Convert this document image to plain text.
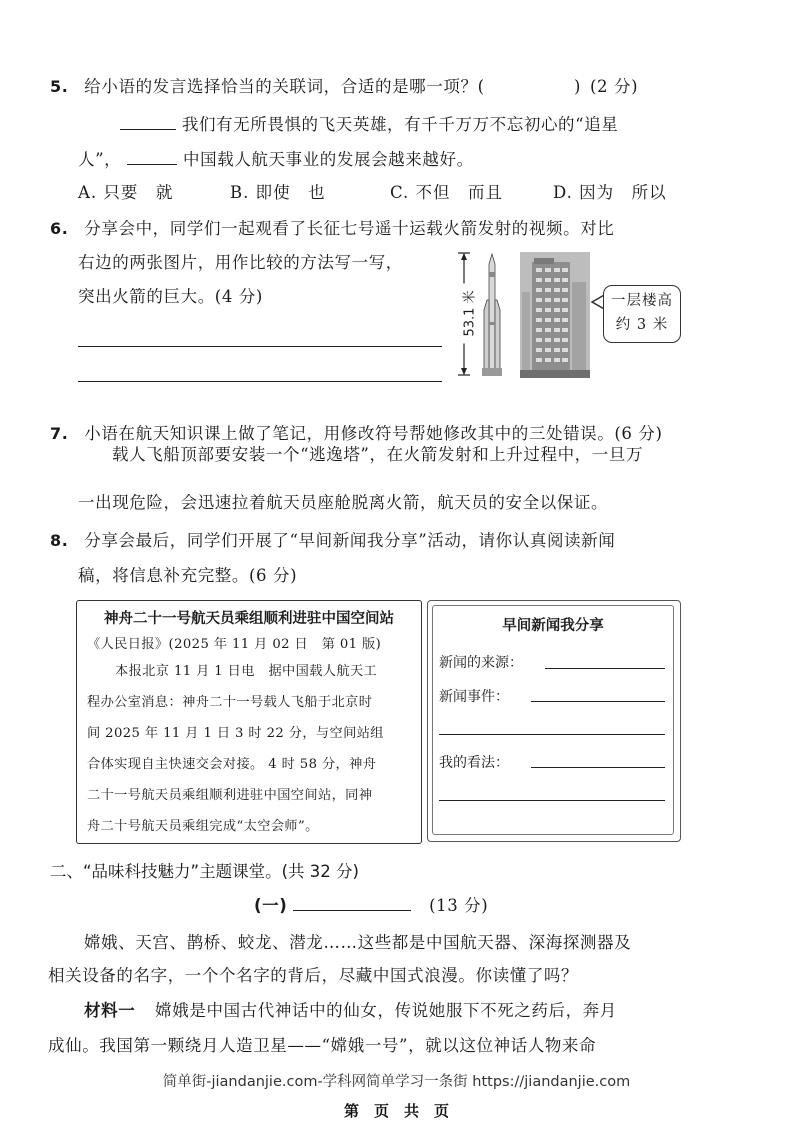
5. 给小语的发言选择恰当的关联词，合适的是哪一项？(	) (2 分)
我们有无所畏惧的飞天英雄，有千千万万不忘初心的“追星
人”，	中国载人航天事业的发展会越来越好。
A. 只要　就	B. 即使　也	C. 不但　而且	D. 因为　所以
6. 分享会中，同学们一起观看了长征七号遥十运载火箭发射的视频。对比
右边的两张图片，用作比较的方法写一写，
突出火箭的巨大。(4 分)	53.1 米	一层楼高
约 3 米
7. 小语在航天知识课上做了笔记，用修改符号帮她修改其中的三处错误。(6 分)
载人飞船顶部要安装一个“逃逸塔”，在火箭发射和上升过程中，一旦万
一出现危险，会迅速拉着航天员座舱脱离火箭，航天员的安全以保证。
8. 分享会最后，同学们开展了“早间新闻我分享”活动，请你认真阅读新闻
稿，将信息补充完整。(6 分)
神舟二十一号航天员乘组顺利进驻中国空间站
《人民日报》(2025 年 11 月 02 日　第 01 版)
本报北京 11 月 1 日电　据中国载人航天工
程办公室消息：神舟二十一号载人飞船于北京时
间 2025 年 11 月 1 日 3 时 22 分，与空间站组
合体实现自主快速交会对接。 4 时 58 分，神舟
二十一号航天员乘组顺利进驻中国空间站，同神
舟二十号航天员乘组完成“太空会师”。
早间新闻我分享
新闻的来源：
新闻事件：
我的看法：
二、“品味科技魅力”主题课堂。(共 32 分)
(一)	(13 分)
嫦娥、天宫、鹊桥、蛟龙、潜龙……这些都是中国航天器、深海探测器及
相关设备的名字，一个个名字的背后，尽藏中国式浪漫。你读懂了吗？
材料一 嫦娥是中国古代神话中的仙女，传说她服下不死之药后，奔月
成仙。我国第一颗绕月人造卫星——“嫦娥一号”，就以这位神话人物来命
简单街-jiandanjie.com-学科网简单学习一条街 https://jiandanjie.com
第　页　共　页
